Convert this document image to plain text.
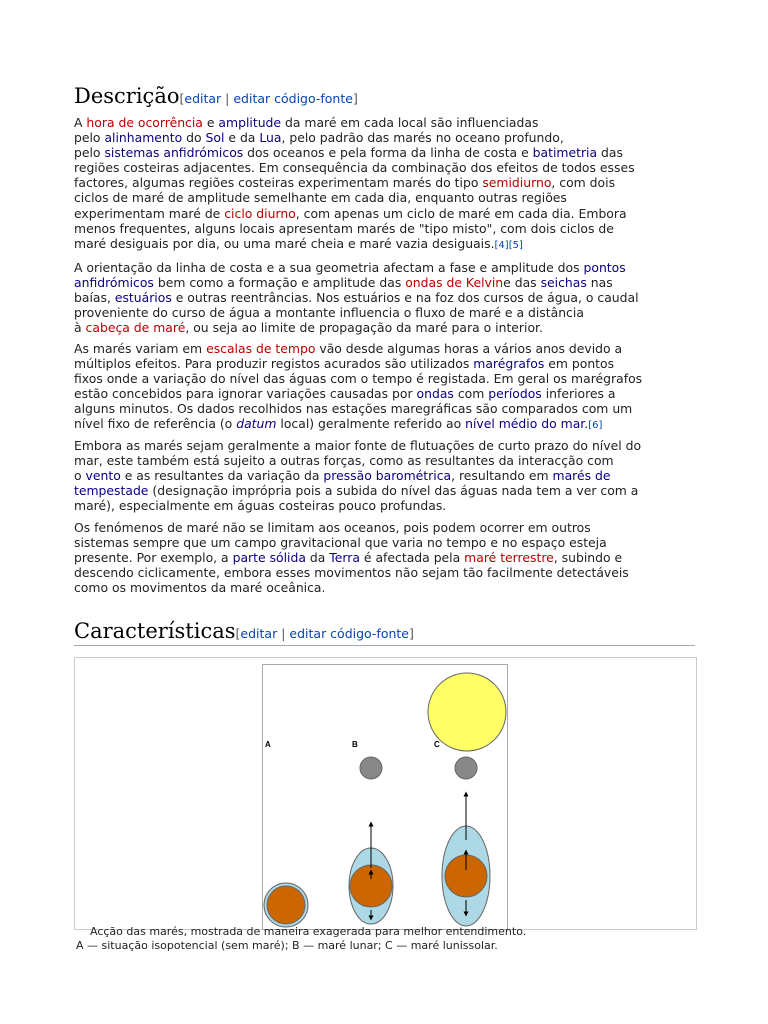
Descrição[editar | editar código-fonte]

A hora de ocorrência e amplitude da maré em cada local são influenciadas
pelo alinhamento do Sol e da Lua, pelo padrão das marés no oceano profundo,
pelo sistemas anfidrómicos dos oceanos e pela forma da linha de costa e batimetria das
regiões costeiras adjacentes. Em consequência da combinação dos efeitos de todos esses
factores, algumas regiões costeiras experimentam marés do tipo semidiurno, com dois
ciclos de maré de amplitude semelhante em cada dia, enquanto outras regiões
experimentam maré de ciclo diurno, com apenas um ciclo de maré em cada dia. Embora
menos frequentes, alguns locais apresentam marés de "tipo misto", com dois ciclos de
maré desiguais por dia, ou uma maré cheia e maré vazia desiguais.[4][5]

A orientação da linha de costa e a sua geometria afectam a fase e amplitude dos pontos
anfidrómicos bem como a formação e amplitude das ondas de Kelvine das seichas nas
baías, estuários e outras reentrâncias. Nos estuários e na foz dos cursos de água, o caudal
proveniente do curso de água a montante influencia o fluxo de maré e a distância
à cabeça de maré, ou seja ao limite de propagação da maré para o interior.

As marés variam em escalas de tempo vão desde algumas horas a vários anos devido a
múltiplos efeitos. Para produzir registos acurados são utilizados marégrafos em pontos
fixos onde a variação do nível das águas com o tempo é registada. Em geral os marégrafos
estão concebidos para ignorar variações causadas por ondas com períodos inferiores a
alguns minutos. Os dados recolhidos nas estações maregráficas são comparados com um
nível fixo de referência (o datum local) geralmente referido ao nível médio do mar.[6]

Embora as marés sejam geralmente a maior fonte de flutuações de curto prazo do nível do
mar, este também está sujeito a outras forças, como as resultantes da interacção com
o vento e as resultantes da variação da pressão barométrica, resultando em marés de
tempestade (designação imprópria pois a subida do nível das águas nada tem a ver com a
maré), especialmente em águas costeiras pouco profundas.

Os fenómenos de maré não se limitam aos oceanos, pois podem ocorrer em outros
sistemas sempre que um campo gravitacional que varia no tempo e no espaço esteja
presente. Por exemplo, a parte sólida da Terra é afectada pela maré terrestre, subindo e
descendo ciclicamente, embora esses movimentos não sejam tão facilmente detectáveis
como os movimentos da maré oceânica.

Características[editar | editar código-fonte]
A	B	C

Acção das marés, mostrada de maneira exagerada para melhor entendimento.
A — situação isopotencial (sem maré); B — maré lunar; C — maré lunissolar.
